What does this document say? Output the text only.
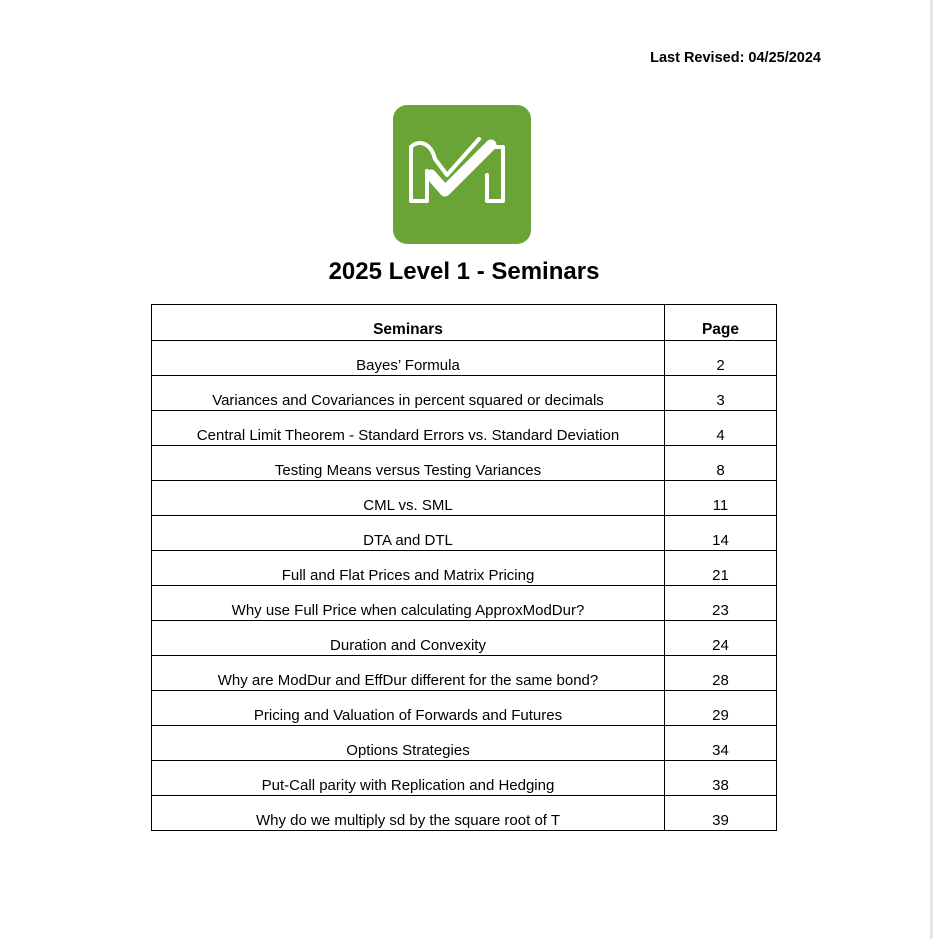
Last Revised: 04/25/2024
2025 Level 1 - Seminars
Seminars	Page
Bayes’ Formula	2
Variances and Covariances in percent squared or decimals	3
Central Limit Theorem - Standard Errors vs. Standard Deviation	4
Testing Means versus Testing Variances	8
CML vs. SML	11
DTA and DTL	14
Full and Flat Prices and Matrix Pricing	21
Why use Full Price when calculating ApproxModDur?	23
Duration and Convexity	24
Why are ModDur and EffDur different for the same bond?	28
Pricing and Valuation of Forwards and Futures	29
Options Strategies	34
Put-Call parity with Replication and Hedging	38
Why do we multiply sd by the square root of T	39
